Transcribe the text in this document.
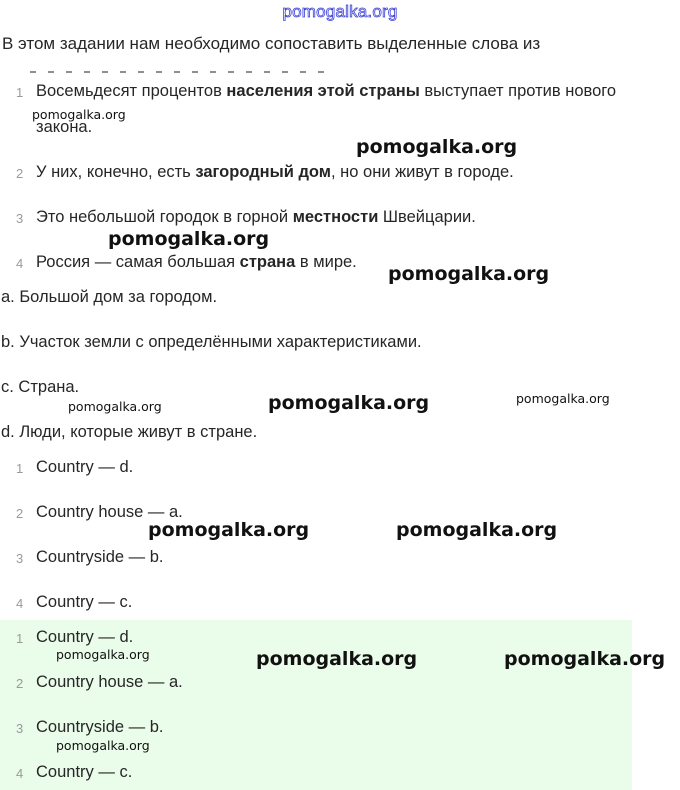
pomogalka.org
В этом задании нам необходимо сопоставить выделенные слова из
1 Восемьдесят процентов населения этой страны выступает против нового
закона.
2 У них, конечно, есть загородный дом, но они живут в городе.
3 Это небольшой городок в горной местности Швейцарии.
4 Россия — самая большая страна в мире.
a. Большой дом за городом.
b. Участок земли с определёнными характеристиками.
c. Страна.
d. Люди, которые живут в стране.
1 Country — d.
2 Country house — a.
3 Countryside — b.
4 Country — c.
1 Country — d.
2 Country house — a.
3 Countryside — b.
4 Country — c.
pomogalka.org
pomogalka.org
pomogalka.org
pomogalka.org
pomogalka.org	pomogalka.org	pomogalka.org
pomogalka.org	pomogalka.org
pomogalka.org	pomogalka.org	pomogalka.org
pomogalka.org
